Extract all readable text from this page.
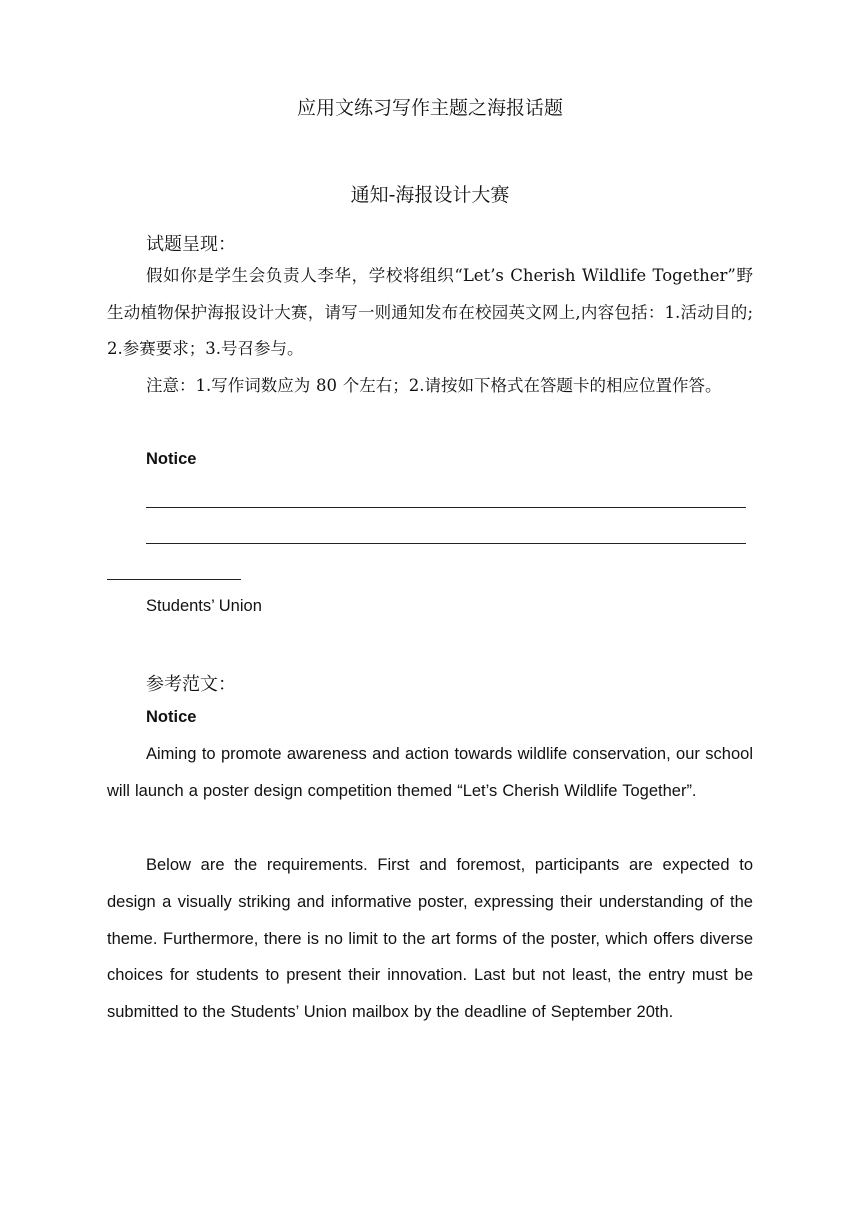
应用文练习写作主题之海报话题
通知-海报设计大赛
试题呈现：

假如你是学生会负责人李华，学校将组织“Let’s Cherish Wildlife Together”野生动植物保护海报设计大赛，请写一则通知发布在校园英文网上,内容包括：1.活动目的; 2.参赛要求；3.号召参与。

注意：1.写作词数应为 80 个左右；2.请按如下格式在答题卡的相应位置作答。

Notice
Students’ Union
参考范文：
Notice

Aiming to promote awareness and action towards wildlife conservation, our school will launch a poster design competition themed “Let’s Cherish Wildlife Together”.

Below are the requirements. First and foremost, participants are expected to design a visually striking and informative poster, expressing their understanding of the theme. Furthermore, there is no limit to the art forms of the poster, which offers diverse choices for students to present their innovation. Last but not least, the entry must be submitted to the Students’ Union mailbox by the deadline of September 20th.
